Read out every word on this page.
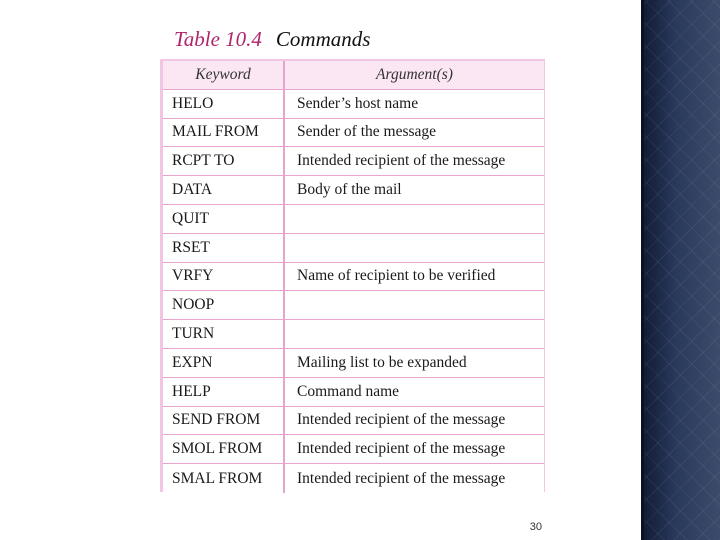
Table 10.4 Commands
Keyword	Argument(s)
HELO	Sender’s host name
MAIL FROM	Sender of the message
RCPT TO	Intended recipient of the message
DATA	Body of the mail
QUIT
RSET
VRFY	Name of recipient to be verified
NOOP
TURN
EXPN	Mailing list to be expanded
HELP	Command name
SEND FROM	Intended recipient of the message
SMOL FROM	Intended recipient of the message
SMAL FROM	Intended recipient of the message
30
